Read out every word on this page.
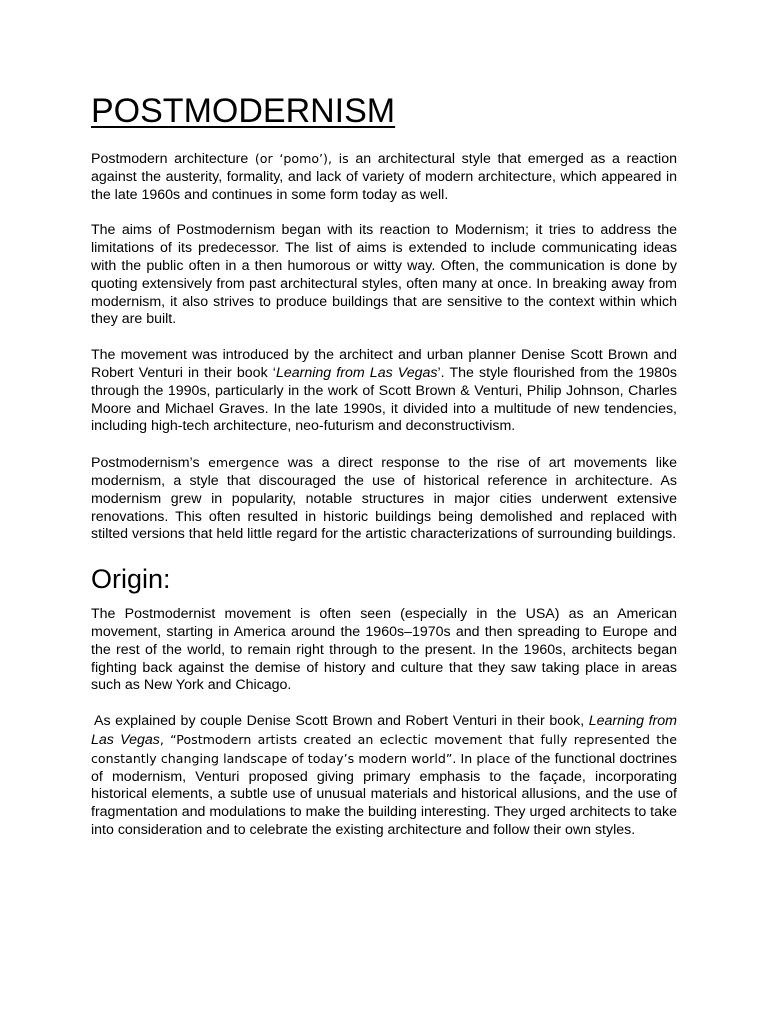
POSTMODERNISM

Postmodern architecture (or ‘pomo’), is an architectural style that emerged as a reaction against the austerity, formality, and lack of variety of modern architecture, which appeared in the late 1960s and continues in some form today as well.

The aims of Postmodernism began with its reaction to Modernism; it tries to address the limitations of its predecessor. The list of aims is extended to include communicating ideas with the public often in a then humorous or witty way. Often, the communication is done by quoting extensively from past architectural styles, often many at once. In breaking away from modernism, it also strives to produce buildings that are sensitive to the context within which they are built.

The movement was introduced by the architect and urban planner Denise Scott Brown and Robert Venturi in their book ‘Learning from Las Vegas’. The style flourished from the 1980s through the 1990s, particularly in the work of Scott Brown & Venturi, Philip Johnson, Charles Moore and Michael Graves. In the late 1990s, it divided into a multitude of new tendencies, including high-tech architecture, neo-futurism and deconstructivism.

Postmodernism’s emergence was a direct response to the rise of art movements like modernism, a style that discouraged the use of historical reference in architecture. As modernism grew in popularity, notable structures in major cities underwent extensive renovations. This often resulted in historic buildings being demolished and replaced with stilted versions that held little regard for the artistic characterizations of surrounding buildings.

Origin:

The Postmodernist movement is often seen (especially in the USA) as an American movement, starting in America around the 1960s–1970s and then spreading to Europe and the rest of the world, to remain right through to the present. In the 1960s, architects began fighting back against the demise of history and culture that they saw taking place in areas such as New York and Chicago.

As explained by couple Denise Scott Brown and Robert Venturi in their book, Learning from Las Vegas, “Postmodern artists created an eclectic movement that fully represented the constantly changing landscape of today’s modern world”. In place of the functional doctrines of modernism, Venturi proposed giving primary emphasis to the façade, incorporating historical elements, a subtle use of unusual materials and historical allusions, and the use of fragmentation and modulations to make the building interesting. They urged architects to take into consideration and to celebrate the existing architecture and follow their own styles.
